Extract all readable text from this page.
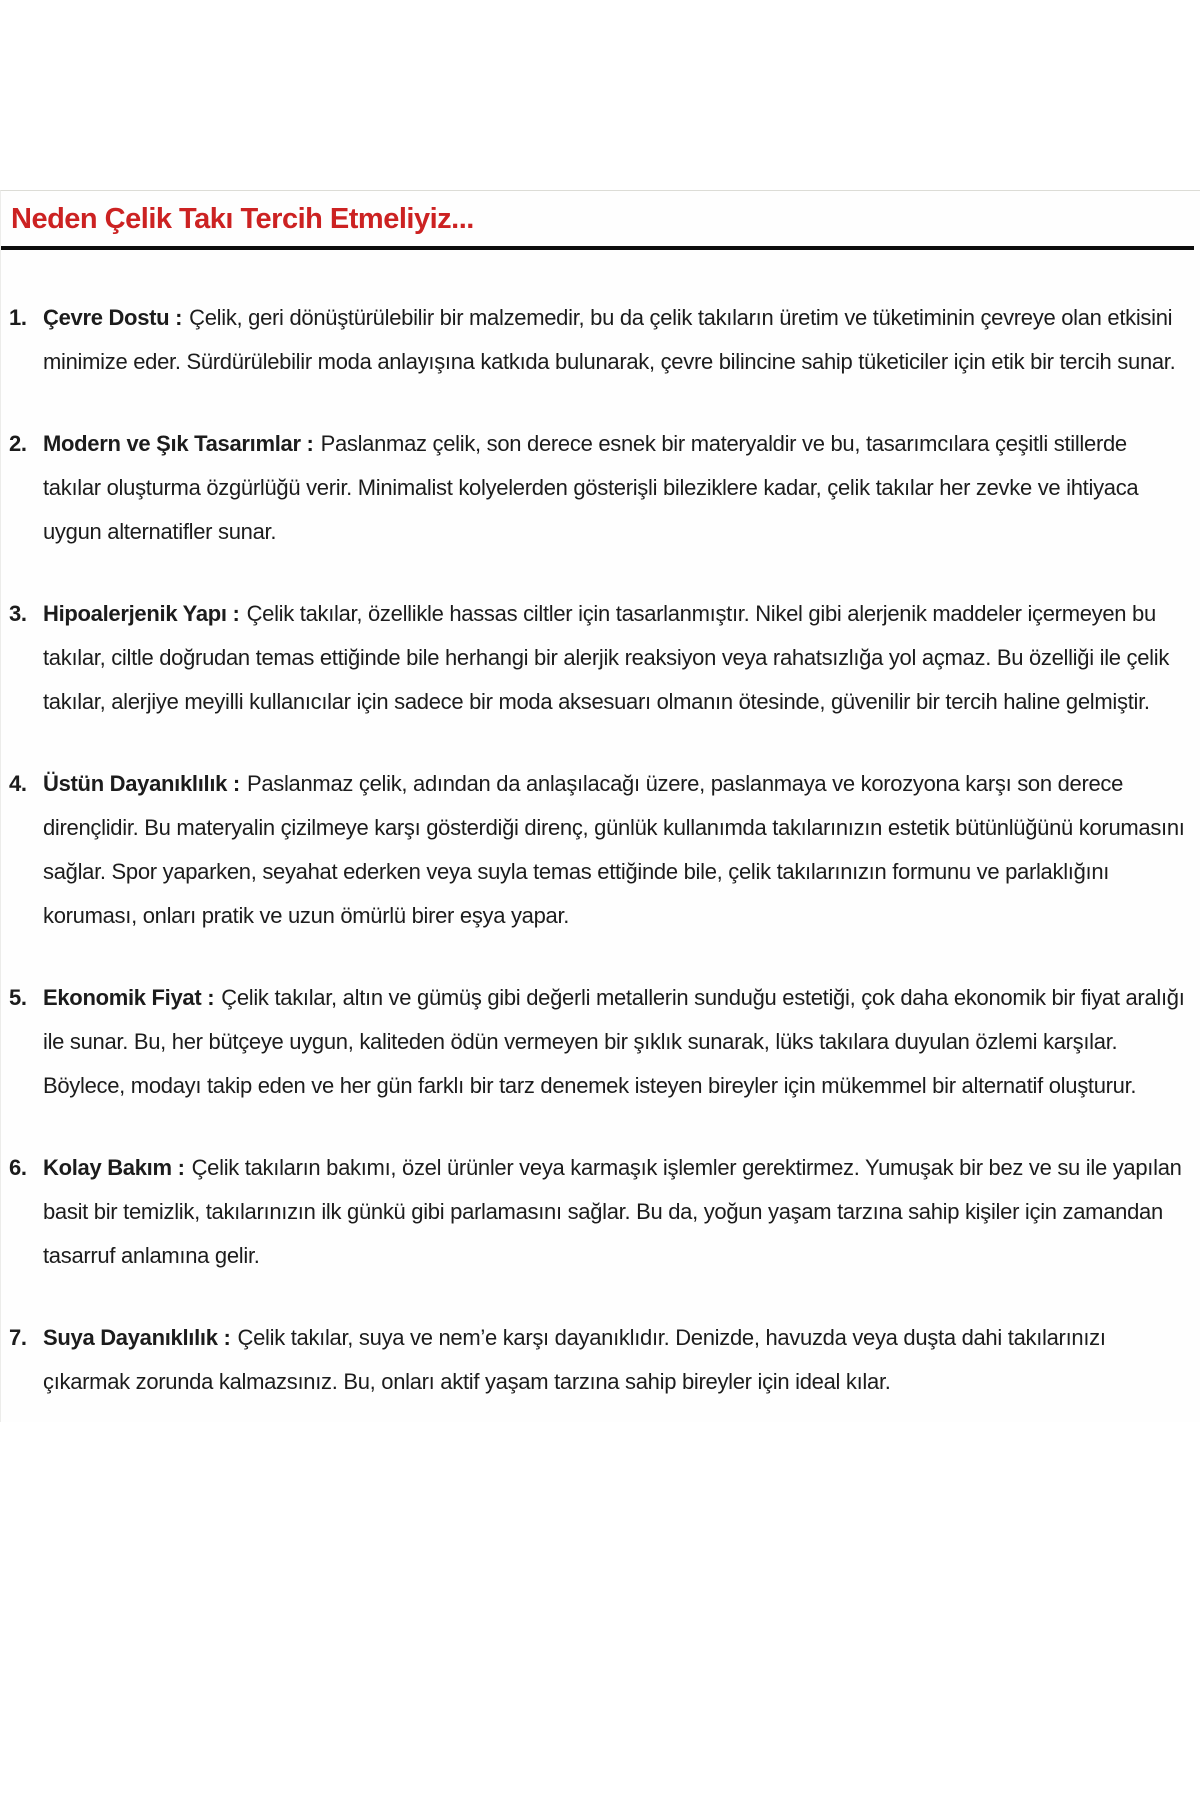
Neden Çelik Takı Tercih Etmeliyiz...
1. Çevre Dostu : Çelik, geri dönüştürülebilir bir malzemedir, bu da çelik takıların üretim ve tüketiminin çevreye olan etkisini minimize eder. Sürdürülebilir moda anlayışına katkıda bulunarak, çevre bilincine sahip tüketiciler için etik bir tercih sunar.
2. Modern ve Şık Tasarımlar : Paslanmaz çelik, son derece esnek bir materyaldir ve bu, tasarımcılara çeşitli stillerde takılar oluşturma özgürlüğü verir. Minimalist kolyelerden gösterişli bileziklere kadar, çelik takılar her zevke ve ihtiyaca uygun alternatifler sunar.
3. Hipoalerjenik Yapı : Çelik takılar, özellikle hassas ciltler için tasarlanmıştır. Nikel gibi alerjenik maddeler içermeyen bu takılar, ciltle doğrudan temas ettiğinde bile herhangi bir alerjik reaksiyon veya rahatsızlığa yol açmaz. Bu özelliği ile çelik takılar, alerjiye meyilli kullanıcılar için sadece bir moda aksesuarı olmanın ötesinde, güvenilir bir tercih haline gelmiştir.
4. Üstün Dayanıklılık : Paslanmaz çelik, adından da anlaşılacağı üzere, paslanmaya ve korozyona karşı son derece dirençlidir. Bu materyalin çizilmeye karşı gösterdiği direnç, günlük kullanımda takılarınızın estetik bütünlüğünü korumasını sağlar. Spor yaparken, seyahat ederken veya suyla temas ettiğinde bile, çelik takılarınızın formunu ve parlaklığını koruması, onları pratik ve uzun ömürlü birer eşya yapar.
5. Ekonomik Fiyat : Çelik takılar, altın ve gümüş gibi değerli metallerin sunduğu estetiği, çok daha ekonomik bir fiyat aralığı ile sunar. Bu, her bütçeye uygun, kaliteden ödün vermeyen bir şıklık sunarak, lüks takılara duyulan özlemi karşılar. Böylece, modayı takip eden ve her gün farklı bir tarz denemek isteyen bireyler için mükemmel bir alternatif oluşturur.
6. Kolay Bakım : Çelik takıların bakımı, özel ürünler veya karmaşık işlemler gerektirmez. Yumuşak bir bez ve su ile yapılan basit bir temizlik, takılarınızın ilk günkü gibi parlamasını sağlar. Bu da, yoğun yaşam tarzına sahip kişiler için zamandan tasarruf anlamına gelir.
7. Suya Dayanıklılık : Çelik takılar, suya ve nem’e karşı dayanıklıdır. Denizde, havuzda veya duşta dahi takılarınızı çıkarmak zorunda kalmazsınız. Bu, onları aktif yaşam tarzına sahip bireyler için ideal kılar.
